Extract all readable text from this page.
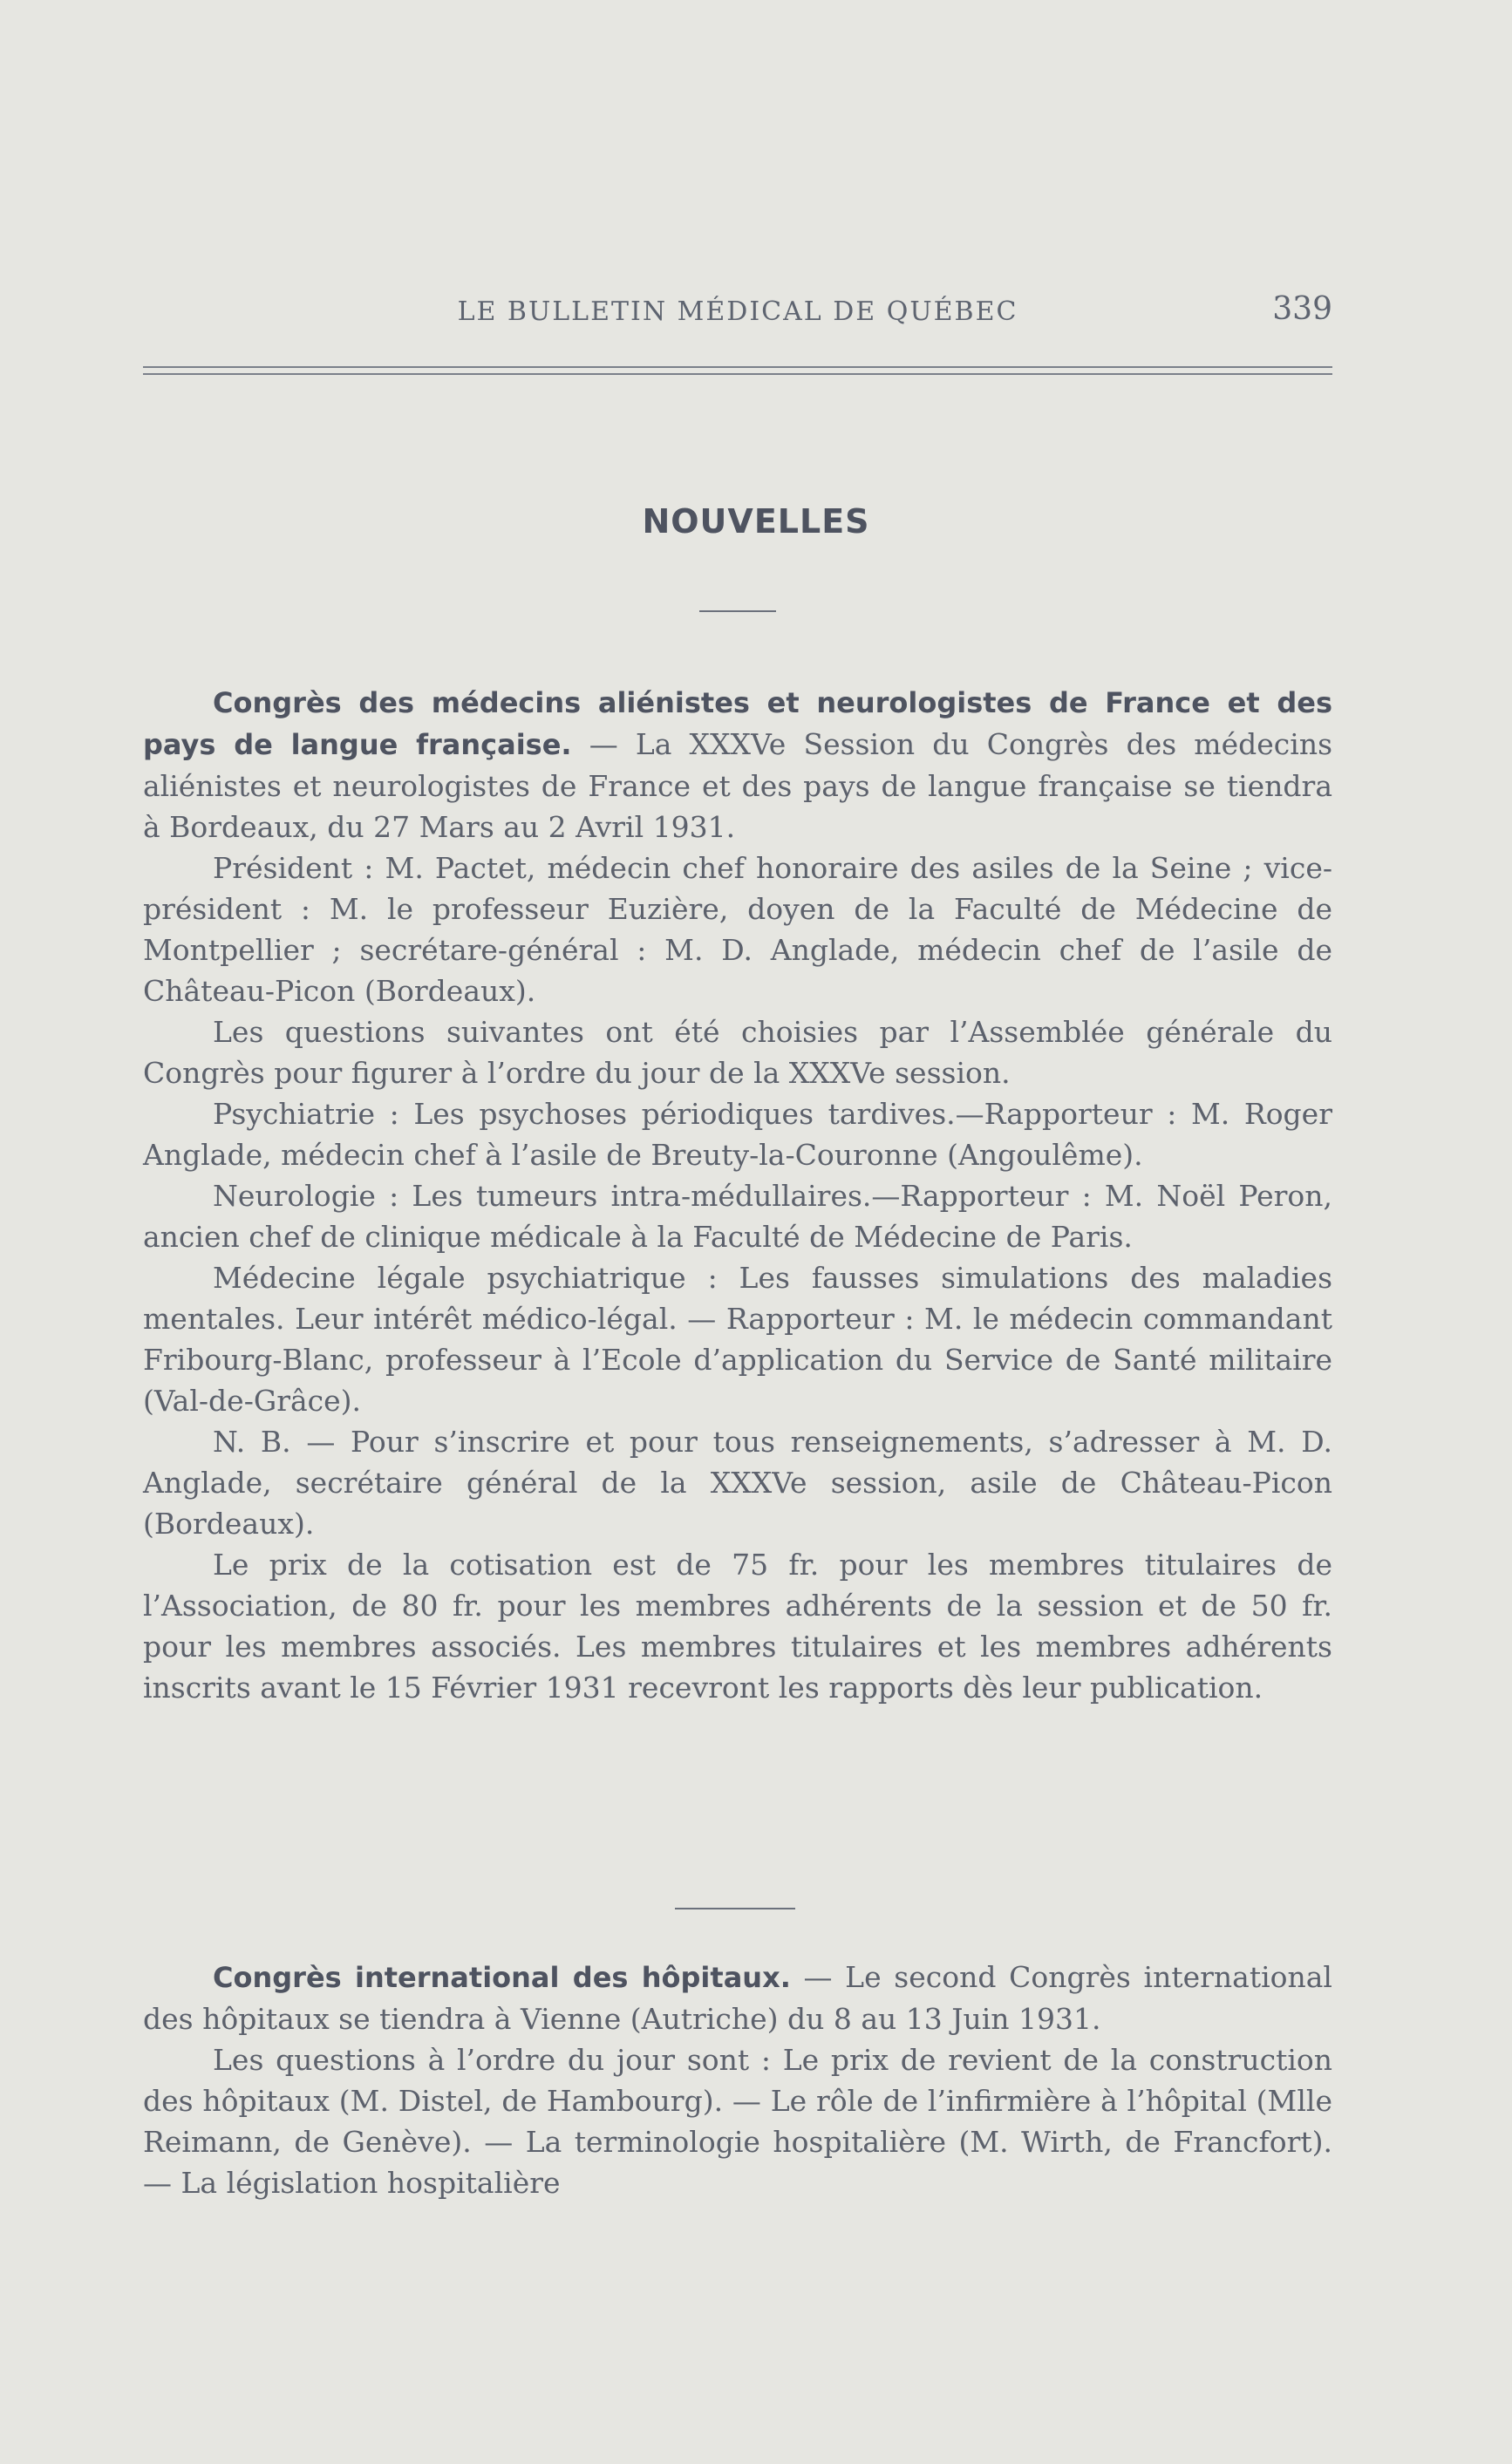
LE BULLETIN MÉDICAL DE QUÉBEC	339
NOUVELLES

Congrès des médecins aliénistes et neurologistes de France et des pays de langue française. — La XXXVe Session du Congrès des médecins aliénistes et neurologistes de France et des pays de langue française se tiendra à Bordeaux, du 27 Mars au 2 Avril 1931.

Président : M. Pactet, médecin chef honoraire des asiles de la Seine ; vice-président : M. le professeur Euzière, doyen de la Faculté de Médecine de Montpellier ; secrétare-général : M. D. Anglade, médecin chef de l’asile de Château-Picon (Bordeaux).

Les questions suivantes ont été choisies par l’Assemblée générale du Congrès pour figurer à l’ordre du jour de la XXXVe session.

Psychiatrie : Les psychoses périodiques tardives.—Rapporteur : M. Roger Anglade, médecin chef à l’asile de Breuty-la-Couronne (Angoulême).

Neurologie : Les tumeurs intra-médullaires.—Rapporteur : M. Noël Peron, ancien chef de clinique médicale à la Faculté de Médecine de Paris.

Médecine légale psychiatrique : Les fausses simulations des maladies mentales. Leur intérêt médico-légal. — Rapporteur : M. le médecin commandant Fribourg-Blanc, professeur à l’Ecole d’application du Service de Santé militaire (Val-de-Grâce).

N. B. — Pour s’inscrire et pour tous renseignements, s’adresser à M. D. Anglade, secrétaire général de la XXXVe session, asile de Château-Picon (Bordeaux).

Le prix de la cotisation est de 75 fr. pour les membres titulaires de l’Association, de 80 fr. pour les membres adhérents de la session et de 50 fr. pour les membres associés. Les membres titulaires et les membres adhérents inscrits avant le 15 Février 1931 recevront les rapports dès leur publication.

Congrès international des hôpitaux. — Le second Congrès international des hôpitaux se tiendra à Vienne (Autriche) du 8 au 13 Juin 1931.

Les questions à l’ordre du jour sont : Le prix de revient de la construction des hôpitaux (M. Distel, de Hambourg). — Le rôle de l’infirmière à l’hôpital (Mlle Reimann, de Genève). — La terminologie hospitalière (M. Wirth, de Francfort). — La législation hospitalière
